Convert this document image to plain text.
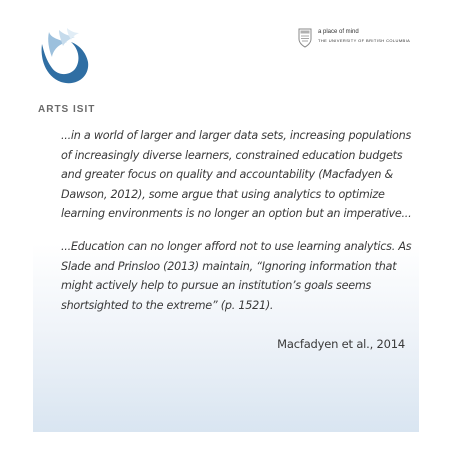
ARTS ISIT
a place of mind
THE UNIVERSITY OF BRITISH COLUMBIA

...in a world of larger and larger data sets, increasing populations of increasingly diverse learners, constrained education budgets and greater focus on quality and accountability (Macfadyen & Dawson, 2012), some argue that using analytics to optimize learning environments is no longer an option but an imperative...

...Education can no longer afford not to use learning analytics. As Slade and Prinsloo (2013) maintain, “Ignoring information that might actively help to pursue an institution’s goals seems shortsighted to the extreme” (p. 1521).

Macfadyen et al., 2014
